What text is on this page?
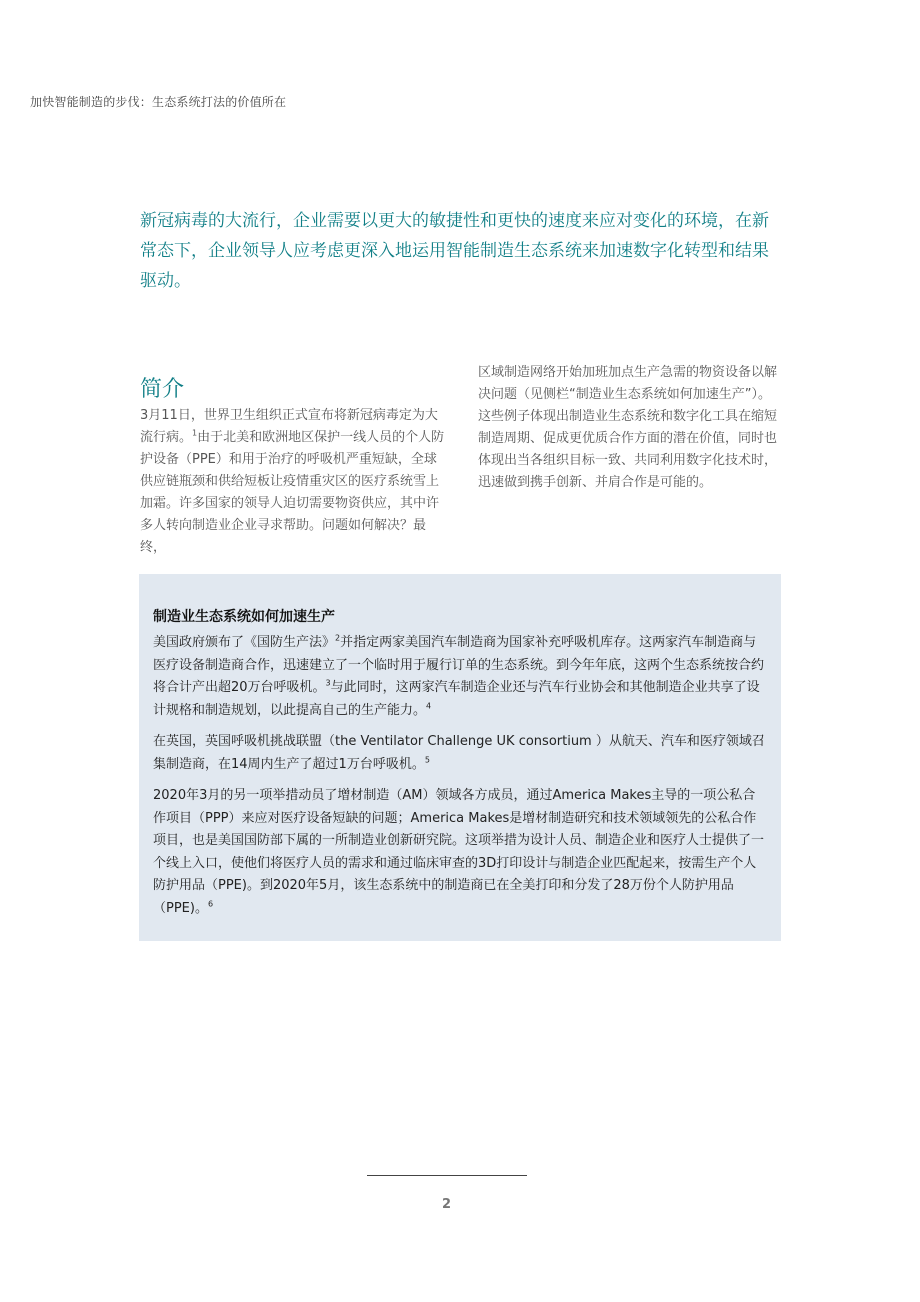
加快智能制造的步伐：生态系统打法的价值所在
新冠病毒的大流行，企业需要以更大的敏捷性和更快的速度来应对变化的环境，在新常态下，企业领导人应考虑更深入地运用智能制造生态系统来加速数字化转型和结果驱动。
简介

3月11日，世界卫生组织正式宣布将新冠病毒定为大流行病。$^1$由于北美和欧洲地区保护一线人员的个人防护设备（PPE）和用于治疗的呼吸机严重短缺，全球供应链瓶颈和供给短板让疫情重灾区的医疗系统雪上加霜。许多国家的领导人迫切需要物资供应，其中许多人转向制造业企业寻求帮助。问题如何解决？最终，

区域制造网络开始加班加点生产急需的物资设备以解决问题（见侧栏“制造业生态系统如何加速生产”）。

这些例子体现出制造业生态系统和数字化工具在缩短制造周期、促成更优质合作方面的潜在价值，同时也体现出当各组织目标一致、共同利用数字化技术时，迅速做到携手创新、并肩合作是可能的。

制造业生态系统如何加速生产

美国政府颁布了《国防生产法》$^2$并指定两家美国汽车制造商为国家补充呼吸机库存。这两家汽车制造商与医疗设备制造商合作，迅速建立了一个临时用于履行订单的生态系统。到今年年底，这两个生态系统按合约将合计产出超20万台呼吸机。$^3$与此同时，这两家汽车制造企业还与汽车行业协会和其他制造企业共享了设计规格和制造规划，以此提高自己的生产能力。$^4$

在英国，英国呼吸机挑战联盟（the Ventilator Challenge UK consortium ）从航天、汽车和医疗领域召集制造商，在14周内生产了超过1万台呼吸机。$^5$

2020年3月的另一项举措动员了增材制造（AM）领域各方成员，通过America Makes主导的一项公私合作项目（PPP）来应对医疗设备短缺的问题；America Makes是增材制造研究和技术领域领先的公私合作项目，也是美国国防部下属的一所制造业创新研究院。这项举措为设计人员、制造企业和医疗人士提供了一个线上入口，使他们将医疗人员的需求和通过临床审查的3D打印设计与制造企业匹配起来，按需生产个人防护用品（PPE)。到2020年5月，该生态系统中的制造商已在全美打印和分发了28万份个人防护用品（PPE)。$^6$

2
